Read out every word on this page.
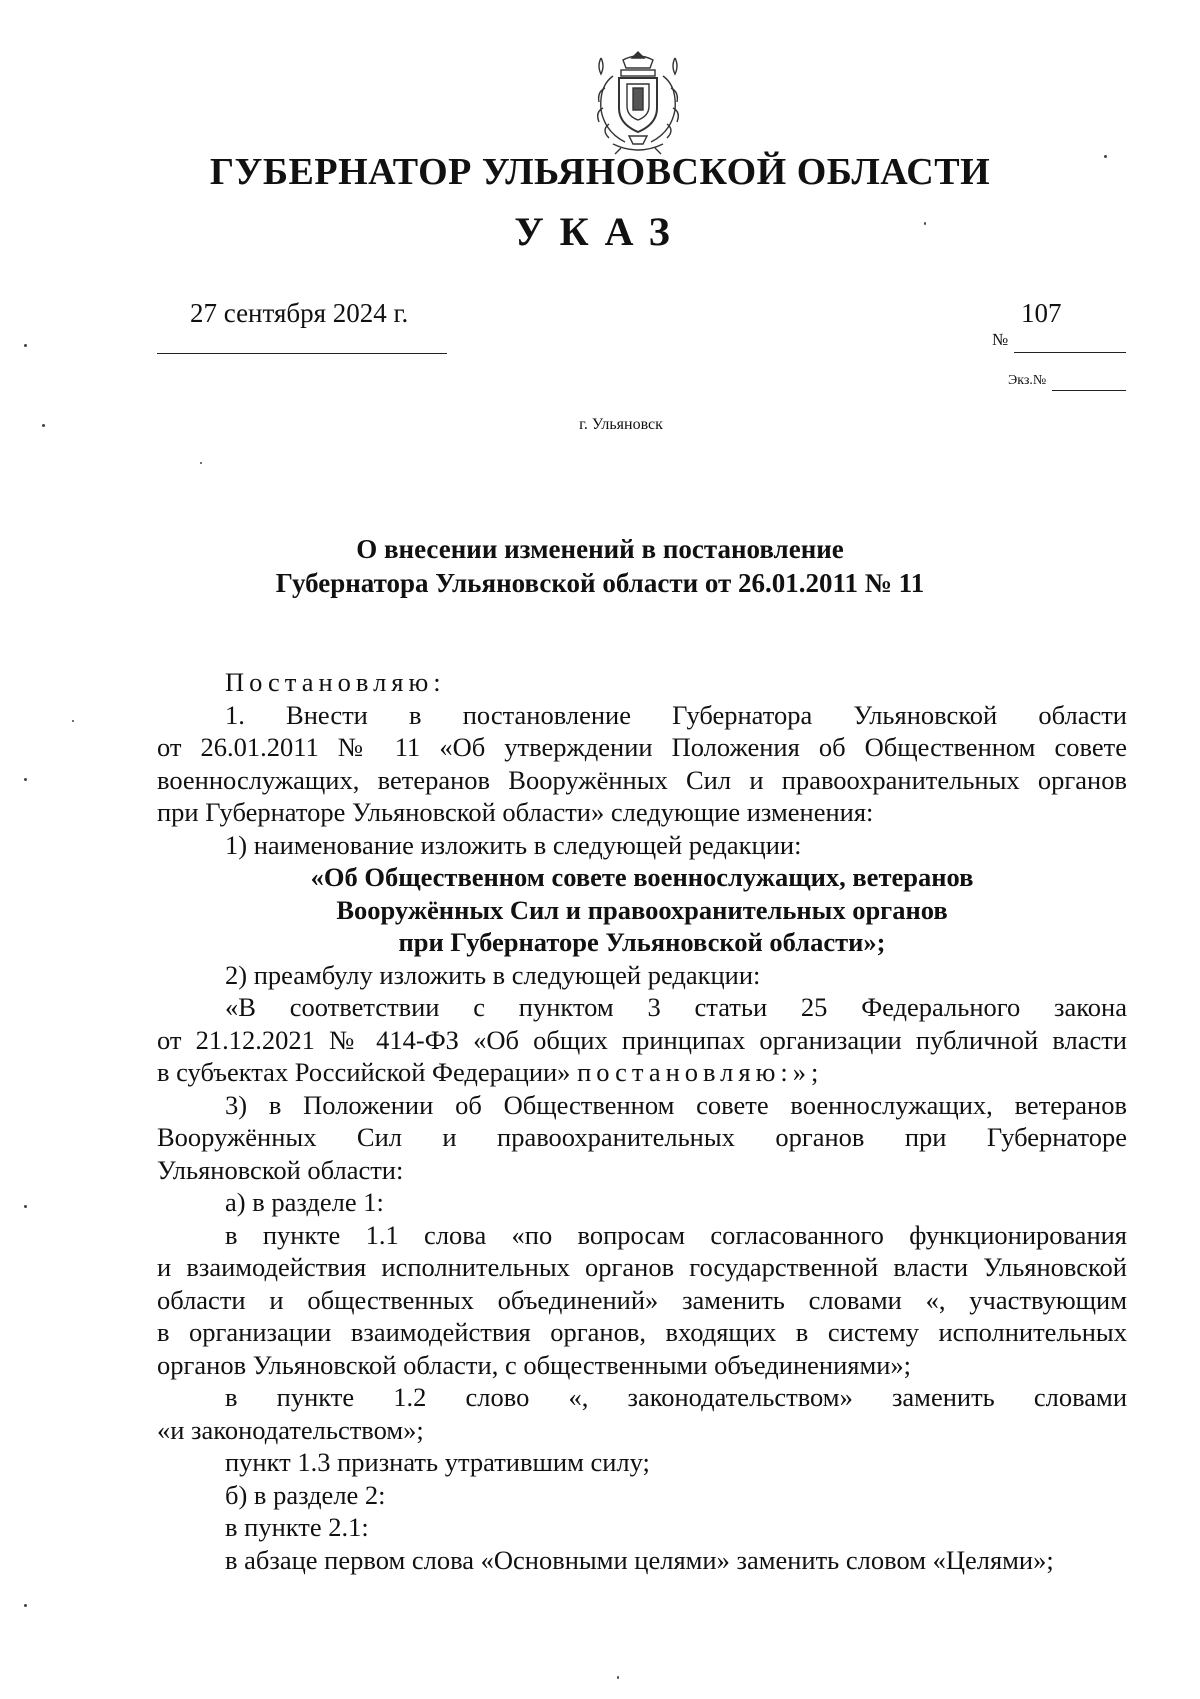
ГУБЕРНАТОР УЛЬЯНОВСКОЙ ОБЛАСТИ
УКАЗ
27 сентября 2024 г.	107
№
Экз.№
г. Ульяновск
О внесении изменений в постановление
Губернатора Ульяновской области от 26.01.2011 № 11

Постановляю:

1. Внести в постановление Губернатора Ульяновской области

от 26.01.2011 № 11 «Об утверждении Положения об Общественном совете

военнослужащих, ветеранов Вооружённых Сил и правоохранительных органов

при Губернаторе Ульяновской области» следующие изменения:

1) наименование изложить в следующей редакции:

«Об Общественном совете военнослужащих, ветеранов

Вооружённых Сил и правоохранительных органов

при Губернаторе Ульяновской области»;

2) преамбулу изложить в следующей редакции:

«В соответствии с пунктом 3 статьи 25 Федерального закона

от 21.12.2021 № 414-ФЗ «Об общих принципах организации публичной власти

в субъектах Российской Федерации» постановляю:»;

3) в Положении об Общественном совете военнослужащих, ветеранов

Вооружённых Сил и правоохранительных органов при Губернаторе

Ульяновской области:

а) в разделе 1:

в пункте 1.1 слова «по вопросам согласованного функционирования

и взаимодействия исполнительных органов государственной власти Ульяновской

области и общественных объединений» заменить словами «, участвующим

в организации взаимодействия органов, входящих в систему исполнительных

органов Ульяновской области, с общественными объединениями»;

в пункте 1.2 слово «, законодательством» заменить словами

«и законодательством»;

пункт 1.3 признать утратившим силу;

б) в разделе 2:

в пункте 2.1:

в абзаце первом слова «Основными целями» заменить словом «Целями»;
